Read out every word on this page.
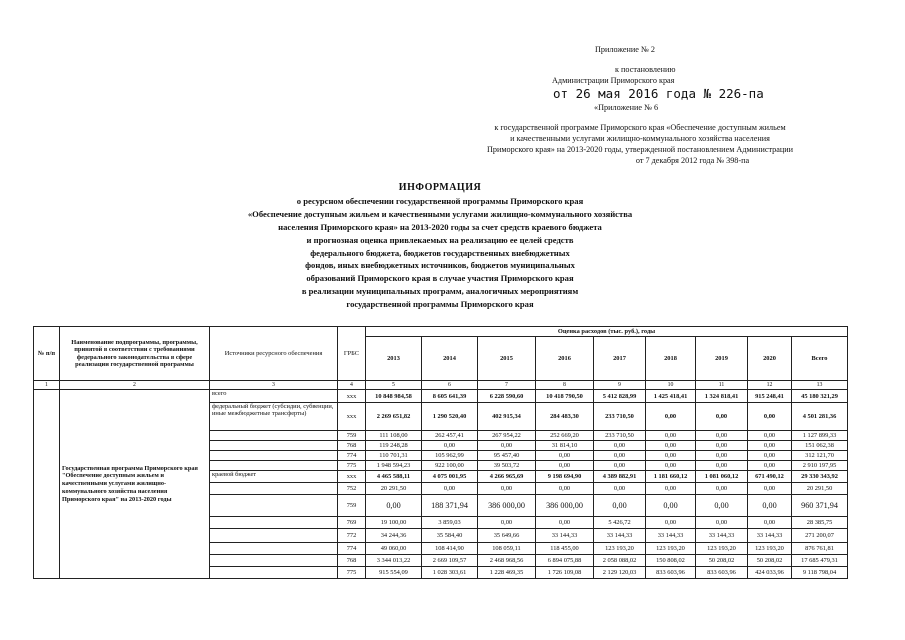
Приложение № 2
к постановлению
Администрации Приморского края
от 26 мая 2016 года № 226-па
«Приложение № 6
к государственной программе Приморского края «Обеспечение доступным жильем
и качественными услугами жилищно-коммунального хозяйства населения
Приморского края» на 2013-2020 годы, утвержденной постановлением Администрации
от 7 декабря 2012 года № 398-па
ИНФОРМАЦИЯ
о ресурсном обеспечении государственной программы Приморского края
«Обеспечение доступным жильем и качественными услугами жилищно-коммунального хозяйства
населения Приморского края» на 2013-2020 годы за счет средств краевого бюджета
и прогнозная оценка привлекаемых на реализацию ее целей средств
федерального бюджета, бюджетов государственных внебюджетных
фондов, иных внебюджетных источников, бюджетов муниципальных
образований Приморского края в случае участия Приморского края
в реализации муниципальных программ, аналогичных мероприятиям
государственной программы Приморского края
№ п/п	Наименование подпрограммы, программы, принятой в соответствии с требованиями федерального законодательства в сфере реализации государственной программы	Источники ресурсного обеспечения	ГРБС	Оценка расходов (тыс. руб.), годы								
				2013	2014	2015	2016	2017	2018	2019	2020	Всего
1	2	3	4	5	6	7	8	9	10	11	12	13
	Государственная программа Приморского края "Обеспечение доступным жильем и качественными услугами жилищно-коммунального хозяйства населения Приморского края" на 2013-2020 годы	всего	ххх	10 848 984,58	8 605 641,39	6 228 590,60	10 418 790,50	5 412 828,99	1 425 418,41	1 324 818,41	915 248,41	45 180 321,29
		федеральный бюджет (субсидии, субвенции, иные межбюджетные трансферты)	ххх	2 269 651,82	1 290 520,40	402 915,34	284 483,30	233 710,50	0,00	0,00	0,00	4 501 281,36
			759	111 108,00	262 457,41	267 954,22	252 669,20	233 710,50	0,00	0,00	0,00	1 127 899,33
			768	119 248,28	0,00	0,00	31 814,10	0,00	0,00	0,00	0,00	151 062,38
			774	110 701,31	105 962,99	95 457,40	0,00	0,00	0,00	0,00	0,00	312 121,70
			775	1 948 594,23	922 100,00	39 503,72	0,00	0,00	0,00	0,00	0,00	2 910 197,95
		краевой бюджет	ххх	4 465 588,11	4 075 001,95	4 266 965,69	9 198 694,90	4 389 882,91	1 181 660,12	1 081 060,12	671 490,12	29 330 343,92
			752	20 291,50	0,00	0,00	0,00	0,00	0,00	0,00	0,00	20 291,50
			759	0,00	188 371,94	386 000,00	386 000,00	0,00	0,00	0,00	0,00	960 371,94
			769	19 100,00	3 859,03	0,00	0,00	5 426,72	0,00	0,00	0,00	28 385,75
			772	34 244,36	35 584,40	35 649,66	33 144,33	33 144,33	33 144,33	33 144,33	33 144,33	271 200,07
			774	49 060,00	108 414,90	108 059,11	118 455,00	123 193,20	123 193,20	123 193,20	123 193,20	876 761,81
			768	3 344 013,22	2 669 109,57	2 468 968,56	6 894 075,88	2 058 088,02	150 808,02	50 208,02	50 208,02	17 685 479,31
			775	915 554,09	1 028 303,61	1 228 469,35	1 726 109,08	2 129 120,03	833 603,96	833 603,96	424 033,96	9 118 798,04
